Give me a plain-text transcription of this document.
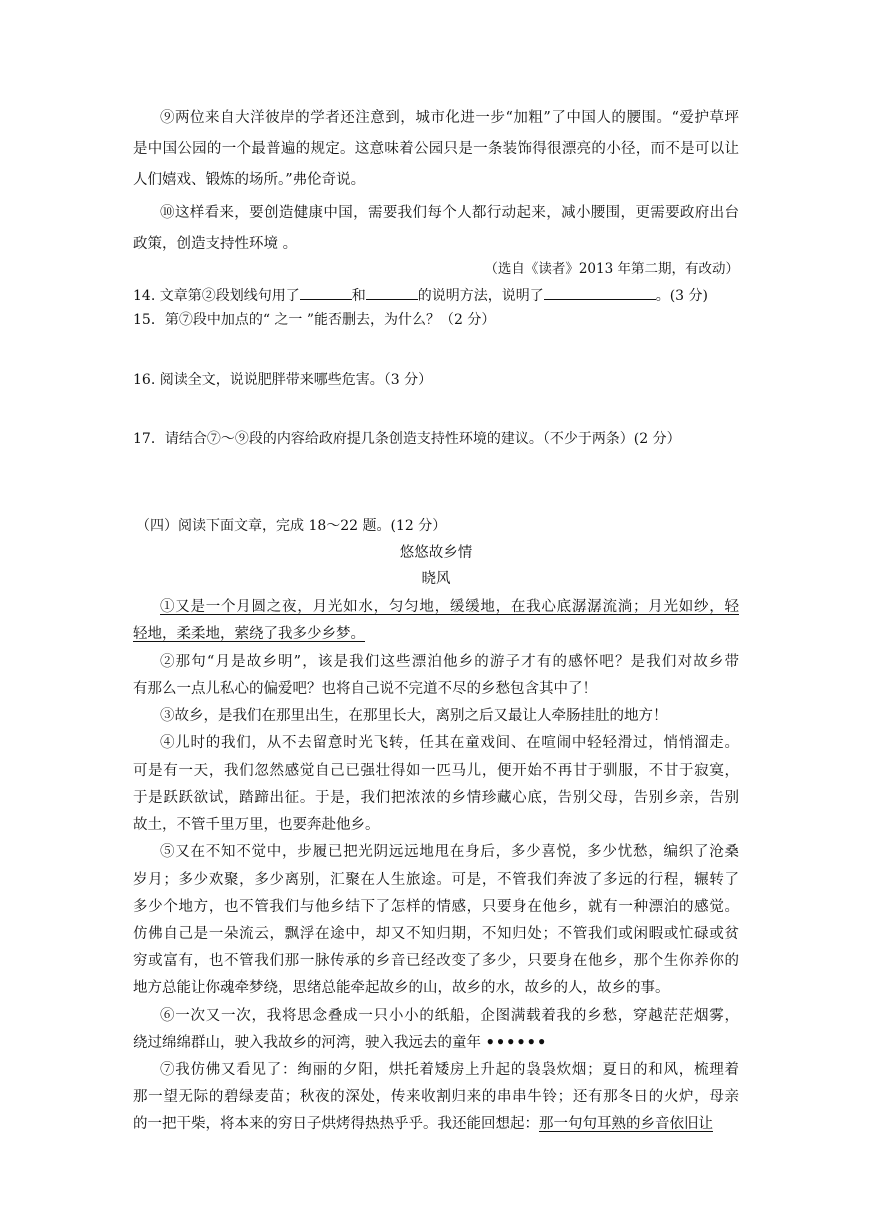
⑨两位来自大洋彼岸的学者还注意到，城市化进一步“加粗”了中国人的腰围。“爱护草坪
是中国公园的一个最普遍的规定。这意味着公园只是一条装饰得很漂亮的小径，而不是可以让
人们嬉戏、锻炼的场所。”弗伦奇说。
⑩这样看来，要创造健康中国，需要我们每个人都行动起来，减小腰围，更需要政府出台
政策，创造支持性环境 。
（选自《读者》2013 年第二期，有改动）
14. 文章第②段划线句用了	和	的说明方法，说明了	。(3 分)
15．第⑦段中加点的“ 之一 ”能否删去，为什么？（2 分）
16. 阅读全文，说说肥胖带来哪些危害。（3 分）
17．请结合⑦～⑨段的内容给政府提几条创造支持性环境的建议。（不少于两条）(2 分）
（四）阅读下面文章，完成 18～22 题。(12 分）
悠悠故乡情
晓风
①又是一个月圆之夜，月光如水，匀匀地，缓缓地，在我心底潺潺流淌；月光如纱，轻
轻地，柔柔地，萦绕了我多少乡梦。
②那句“月是故乡明”，该是我们这些漂泊他乡的游子才有的感怀吧？是我们对故乡带
有那么一点儿私心的偏爱吧？也将自己说不完道不尽的乡愁包含其中了！
③故乡，是我们在那里出生，在那里长大，离别之后又最让人牵肠挂肚的地方！
④儿时的我们，从不去留意时光飞转，任其在童戏间、在喧闹中轻轻滑过，悄悄溜走。
可是有一天，我们忽然感觉自己已强壮得如一匹马儿，便开始不再甘于驯服，不甘于寂寞，
于是跃跃欲试，踏蹄出征。于是，我们把浓浓的乡情珍藏心底，告别父母，告别乡亲，告别
故土，不管千里万里，也要奔赴他乡。
⑤又在不知不觉中，步履已把光阴远远地甩在身后，多少喜悦，多少忧愁，编织了沧桑
岁月；多少欢聚，多少离别，汇聚在人生旅途。可是，不管我们奔波了多远的行程，辗转了
多少个地方，也不管我们与他乡结下了怎样的情感，只要身在他乡，就有一种漂泊的感觉。
仿佛自己是一朵流云，飘浮在途中，却又不知归期，不知归处；不管我们或闲暇或忙碌或贫
穷或富有，也不管我们那一脉传承的乡音已经改变了多少，只要身在他乡，那个生你养你的
地方总能让你魂牵梦绕，思绪总能牵起故乡的山，故乡的水，故乡的人，故乡的事。
⑥一次又一次，我将思念叠成一只小小的纸船，企图满载着我的乡愁，穿越茫茫烟雾，
绕过绵绵群山，驶入我故乡的河湾，驶入我远去的童年 ••••••
⑦我仿佛又看见了：绚丽的夕阳，烘托着矮房上升起的袅袅炊烟；夏日的和风，梳理着
那一望无际的碧绿麦苗；秋夜的深处，传来收割归来的串串牛铃；还有那冬日的火炉，母亲
的一把干柴，将本来的穷日子烘烤得热热乎乎。我还能回想起：那一句句耳熟的乡音依旧让
